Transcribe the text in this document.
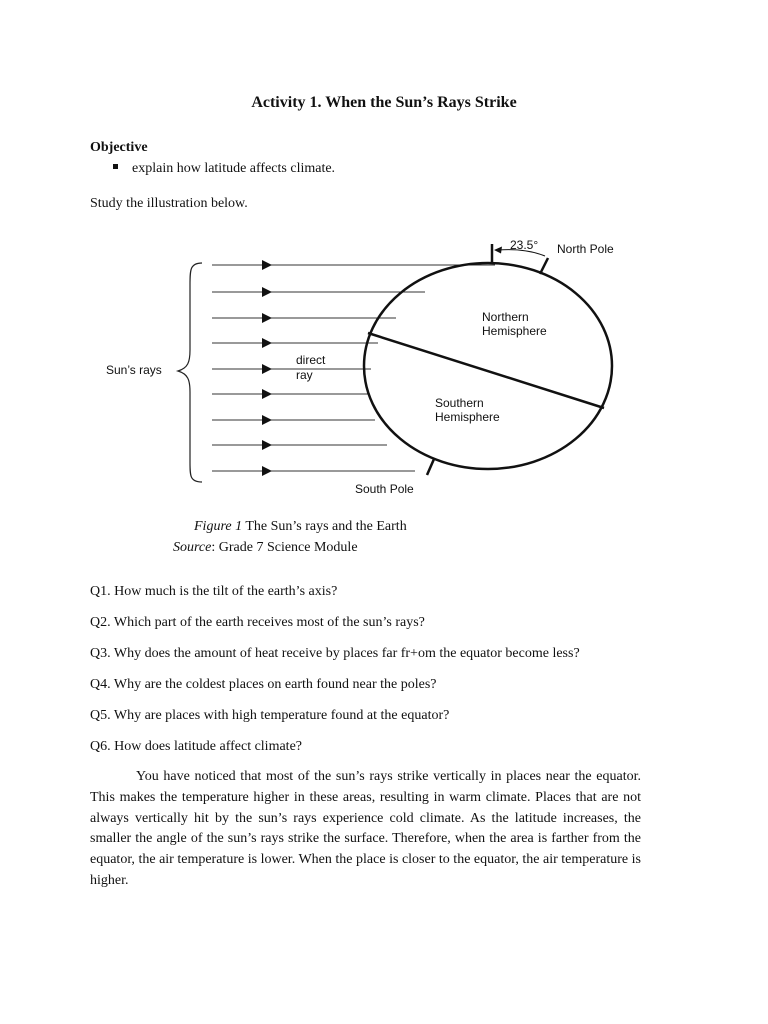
Activity 1. When the Sun’s Rays Strike
Objective
explain how latitude affects climate.
Study the illustration below.
23.5° North Pole
Northern
Hemisphere
Southern
Hemisphere
direct
ray
Sun’s rays
South Pole
Figure 1 The Sun’s rays and the Earth
Source: Grade 7 Science Module
Q1. How much is the tilt of the earth’s axis?
Q2. Which part of the earth receives most of the sun’s rays?
Q3. Why does the amount of heat receive by places far fr+om the equator become less?
Q4. Why are the coldest places on earth found near the poles?
Q5. Why are places with high temperature found at the equator?
Q6. How does latitude affect climate?
You have noticed that most of the sun’s rays strike vertically in places near the equator. This makes the temperature higher in these areas, resulting in warm climate. Places that are not always vertically hit by the sun’s rays experience cold climate. As the latitude increases, the smaller the angle of the sun’s rays strike the surface. Therefore, when the area is farther from the equator, the air temperature is lower. When the place is closer to the equator, the air temperature is higher.
